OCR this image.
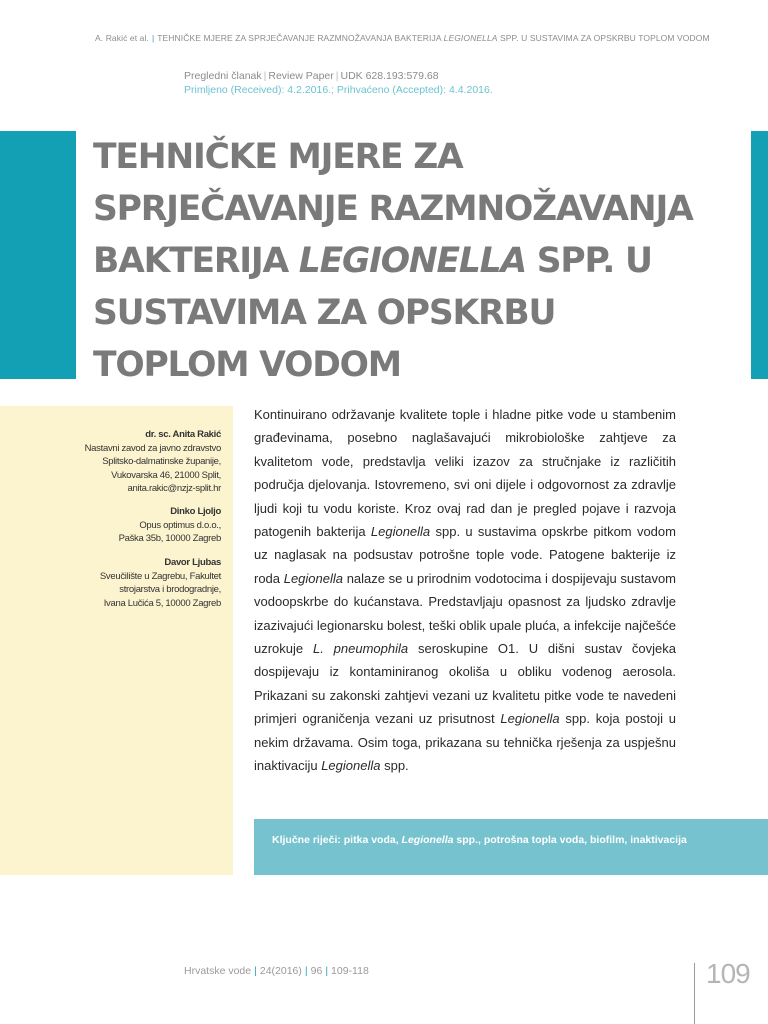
A. Rakić et al. | TEHNIČKE MJERE ZA SPRJEČAVANJE RAZMNOŽAVANJA BAKTERIJA LEGIONELLA SPP. U SUSTAVIMA ZA OPSKRBU TOPLOM VODOM
Pregledni članak | Review Paper | UDK 628.193:579.68
Primljeno (Received): 4.2.2016.; Prihvaćeno (Accepted): 4.4.2016.
TEHNIČKE MJERE ZA
SPRJEČAVANJE RAZMNOŽAVANJA
BAKTERIJA LEGIONELLA SPP. U
SUSTAVIMA ZA OPSKRBU
TOPLOM VODOM
dr. sc. Anita Rakić
Nastavni zavod za javno zdravstvo
Splitsko-dalmatinske županije,
Vukovarska 46, 21000 Split,
anita.rakic@nzjz-split.hr
Dinko Ljoljo
Opus optimus d.o.o.,
Paška 35b, 10000 Zagreb
Davor Ljubas
Sveučilište u Zagrebu, Fakultet
strojarstva i brodogradnje,
Ivana Lučića 5, 10000 Zagreb

Kontinuirano održavanje kvalitete tople i hladne pitke vode u stambenim građevinama, posebno naglašavajući mikrobiološke zahtjeve za kvalitetom vode, predstavlja veliki izazov za stručnjake iz različitih područja djelovanja. Istovremeno, svi oni dijele i odgovornost za zdravlje ljudi koji tu vodu koriste. Kroz ovaj rad dan je pregled pojave i razvoja patogenih bakterija Legionella spp. u sustavima opskrbe pitkom vodom uz naglasak na podsustav potrošne tople vode. Patogene bakterije iz roda Legionella nalaze se u prirodnim vodotocima i dospijevaju sustavom vodoopskrbe do kućanstava. Predstavljaju opasnost za ljudsko zdravlje izazivajući legionarsku bolest, teški oblik upale pluća, a infekcije najčešće uzrokuje L. pneumophila seroskupine O1. U dišni sustav čovjeka dospijevaju iz kontaminiranog okoliša u obliku vodenog aerosola. Prikazani su zakonski zahtjevi vezani uz kvalitetu pitke vode te navedeni primjeri ograničenja vezani uz prisutnost Legionella spp. koja postoji u nekim državama. Osim toga, prikazana su tehnička rješenja za uspješnu inaktivaciju Legionella spp.

Ključne riječi: pitka voda, Legionella spp., potrošna topla voda, biofilm, inaktivacija
Hrvatske vode | 24(2016) | 96 | 109-118	109
